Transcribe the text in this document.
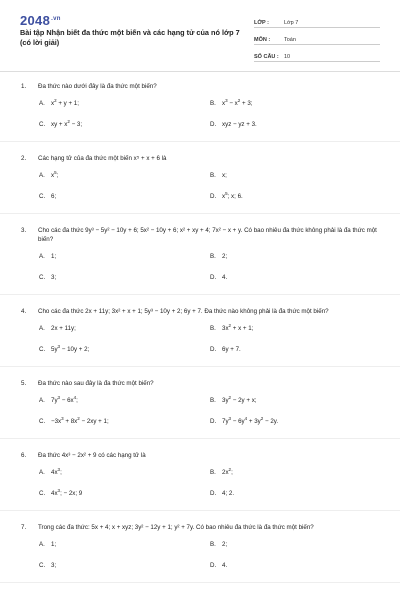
$2048^{.vn}$
Bài tập Nhận biết đa thức một biến và các hạng tử của nó lớp 7 (có lời giải)
LỚP :	Lớp 7
MÔN :	Toán
SỐ CÂU : 10
1. Đa thức nào dưới đây là đa thức một biến?
A. $x^2 + y + 1$;	B. $x^3 - x^2 + 3$;
C. xy + $x^2 - 3$;	D. xyz − yz + 3.
2. Các hạng tử của đa thức một biến x⁵ + x + 6 là
A. $x^5$;	B. x;
C. 6;	D. $x^5$; x; 6.
3. Cho các đa thức 9y³ − 5y² − 10y + 6; 5x² − 10y + 6; x² + xy + 4; 7x² − x + y. Có bao nhiêu đa thức không phải là đa thức một biến?
A. 1;	B. 2;
C. 3;	D. 4.
4. Cho các đa thức 2x + 11y; 3x² + x + 1; 5y³ − 10y + 2; 6y + 7. Đa thức nào không phải là đa thức một biến?
A. 2x + 11y;	B. $3x^2 + x + 1$;
C. $5y^3 - 10y + 2$;	D. 6y + 7.
5. Đa thức nào sau đây là đa thức một biến?
A. $7y^3 - 6x^4$;	B. $3y^2 - 2y + x$;
C. $-3x^3 + 8x^2 - 2xy + 1$;	D. $7y^3 - 6y^4 + 3y^2 - 2y$.
6. Đa thức 4x³ − 2x² + 9 có các hạng tử là
A. $4x^3$;	B. $2x^2$;
C. $4x^3$; − 2x; 9	D. 4; 2.
7. Trong các đa thức: 5x + 4; x + xyz; 3y² − 12y + 1; y² + 7y. Có bao nhiêu đa thức là đa thức một biến?
A. 1;	B. 2;
C. 3;	D. 4.
